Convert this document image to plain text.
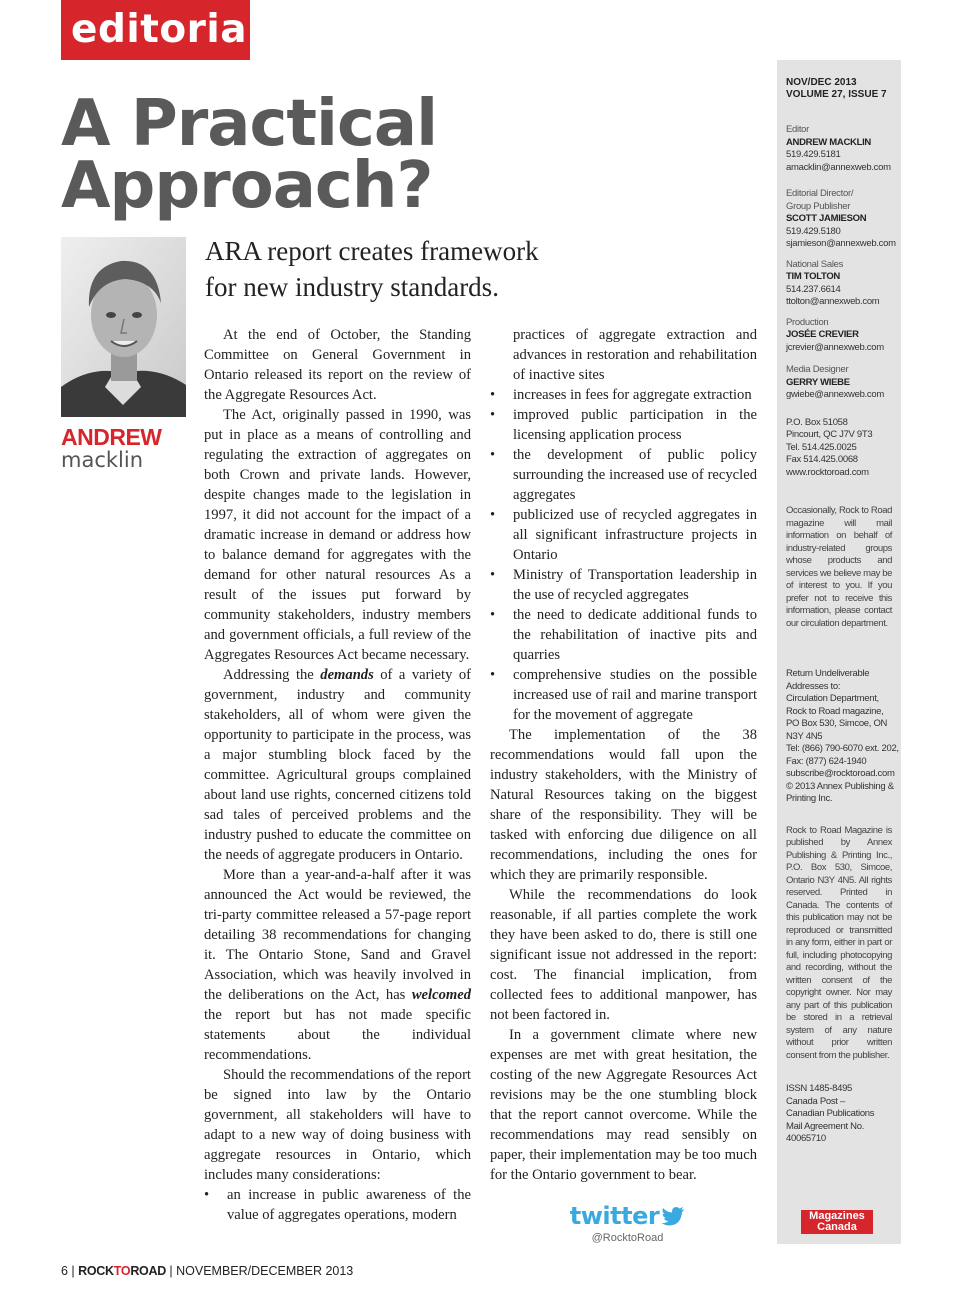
editorial
A Practical
Approach?
ARA report creates framework
for new industry standards.
ANDREW
macklin

At the end of October, the Standing Committee on General Government in Ontario released its report on the review of the Aggregate Resources Act.

The Act, originally passed in 1990, was put in place as a means of controlling and regulating the extraction of aggregates on both Crown and private lands. However, despite changes made to the legislation in 1997, it did not account for the impact of a dramatic increase in demand or address how to balance demand for aggregates with the demand for other natural resources As a result of the issues put forward by community stakeholders, industry members and government officials, a full review of the Aggregates Resources Act became necessary.

Addressing the demands of a variety of government, industry and community stakeholders, all of whom were given the opportunity to participate in the process, was a major stumbling block faced by the committee. Agricultural groups complained about land use rights, concerned citizens told sad tales of perceived problems and the industry pushed to educate the committee on the needs of aggregate producers in Ontario.

More than a year-and-a-half after it was announced the Act would be reviewed, the tri-party committee released a 57-page report detailing 38 recommendations for changing it. The Ontario Stone, Sand and Gravel Association, which was heavily involved in the deliberations on the Act, has welcomed the report but has not made specific statements about the individual recommendations.

Should the recommendations of the report be signed into law by the Ontario government, all stakeholders will have to adapt to a new way of doing business with aggregate resources in Ontario, which includes many considerations:

• an increase in public awareness of the value of aggregates operations, modern

practices of aggregate extraction and advances in restoration and rehabilitation of inactive sites

• increases in fees for aggregate extraction
• improved public participation in the licensing application process
• the development of public policy surrounding the increased use of recycled aggregates
• publicized use of recycled aggregates in all significant infrastructure projects in Ontario
• Ministry of Transportation leadership in the use of recycled aggregates
• the need to dedicate additional funds to the rehabilitation of inactive pits and quarries
• comprehensive studies on the possible increased use of rail and marine transport for the movement of aggregate

The implementation of the 38 recommendations would fall upon the industry stakeholders, with the Ministry of Natural Resources taking on the biggest share of the responsibility. They will be tasked with enforcing due diligence on all recommendations, including the ones for which they are primarily responsible.

While the recommendations do look reasonable, if all parties complete the work they have been asked to do, there is still one significant issue not addressed in the report: cost. The financial implication, from collected fees to additional manpower, has not been factored in.

In a government climate where new expenses are met with great hesitation, the costing of the new Aggregate Resources Act revisions may be the one stumbling block that the report cannot overcome. While the recommendations may read sensibly on paper, their implementation may be too much for the Ontario government to bear.

twitter
@RocktoRoad
NOV/DEC 2013
VOLUME 27, ISSUE 7
Editor
ANDREW MACKLIN
519.429.5181
amacklin@annexweb.com
Editorial Director/
Group Publisher
SCOTT JAMIESON
519.429.5180
sjamieson@annexweb.com
National Sales
TIM TOLTON
514.237.6614
ttolton@annexweb.com
Production
JOSÉE CREVIER
jcrevier@annexweb.com
Media Designer
GERRY WIEBE
gwiebe@annexweb.com
P.O. Box 51058
Pincourt, QC J7V 9T3
Tel. 514.425.0025
Fax 514.425.0068
www.rocktoroad.com
Occasionally, Rock to Road magazine will mail information on behalf of industry-related groups whose products and services we believe may be of interest to you. If you prefer not to receive this information, please contact our circulation department.
Return Undeliverable
Addresses to:
Circulation Department,
Rock to Road magazine,
PO Box 530, Simcoe, ON
N3Y 4N5
Tel: (866) 790-6070 ext. 202,
Fax: (877) 624-1940
subscribe@rocktoroad.com
© 2013 Annex Publishing &
Printing Inc.
Rock to Road Magazine is published by Annex Publishing & Printing Inc., P.O. Box 530, Simcoe, Ontario N3Y 4N5. All rights reserved. Printed in Canada. The contents of this publication may not be reproduced or transmitted in any form, either in part or full, including photocopying and recording, without the written consent of the copyright owner. Nor may any part of this publication be stored in a retrieval system of any nature without prior written consent from the publisher.
ISSN 1485-8495
Canada Post –
Canadian Publications
Mail Agreement No. 40065710
Magazines
Canada
6 | ROCKTOROAD | NOVEMBER/DECEMBER 2013
